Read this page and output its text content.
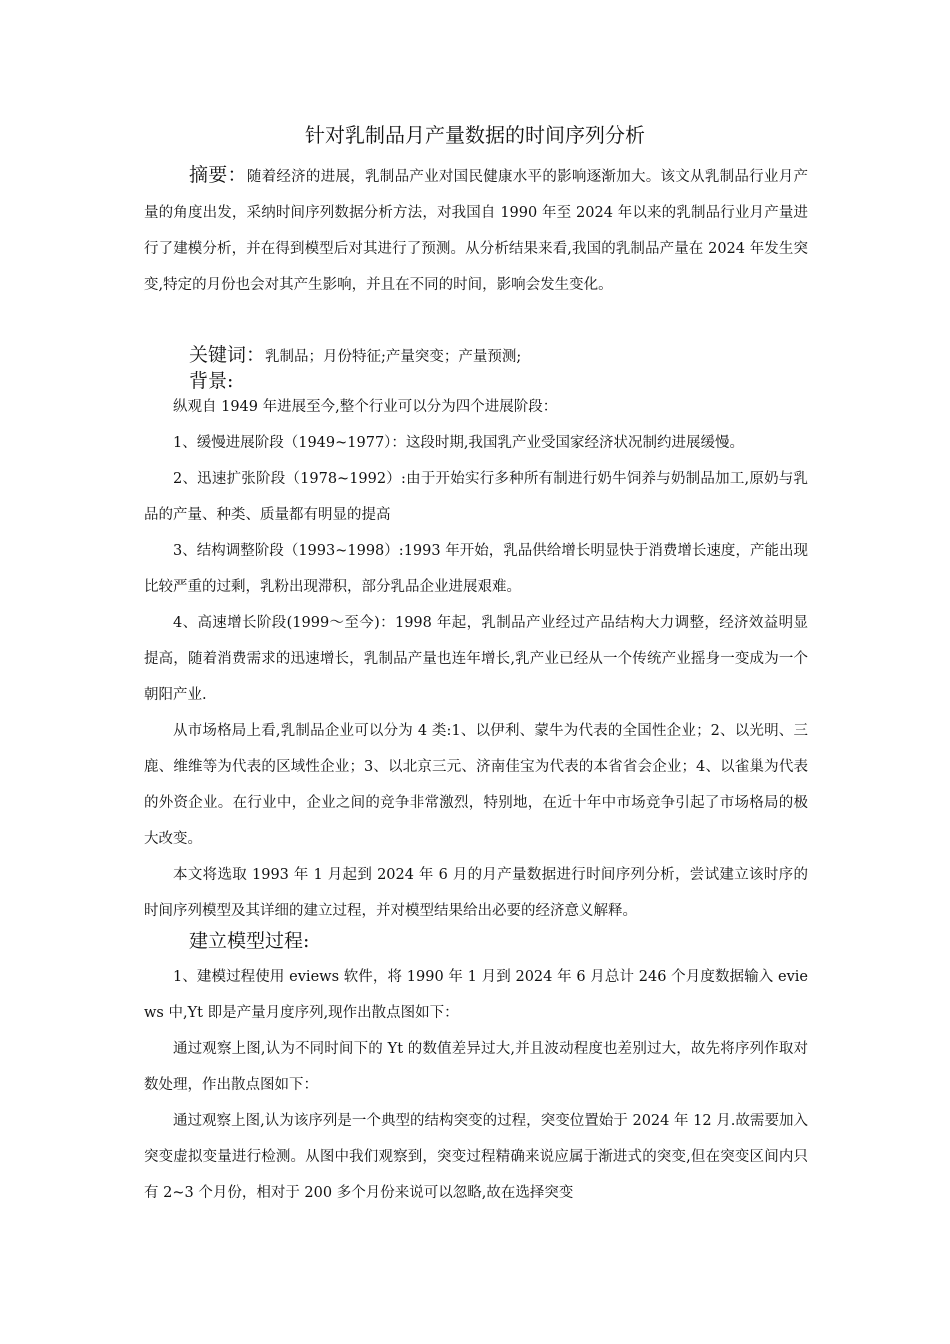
针对乳制品月产量数据的时间序列分析

摘要：随着经济的进展，乳制品产业对国民健康水平的影响逐渐加大。该文从乳制品行业月产量的角度出发，采纳时间序列数据分析方法，对我国自 1990 年至 2024 年以来的乳制品行业月产量进行了建模分析，并在得到模型后对其进行了预测。从分析结果来看,我国的乳制品产量在 2024 年发生突变,特定的月份也会对其产生影响，并且在不同的时间，影响会发生变化。

关键词：乳制品；月份特征;产量突变；产量预测;
背景:

纵观自 1949 年进展至今,整个行业可以分为四个进展阶段：

1、缓慢进展阶段（1949~1977）：这段时期,我国乳产业受国家经济状况制约进展缓慢。

2、迅速扩张阶段（1978~1992）:由于开始实行多种所有制进行奶牛饲养与奶制品加工,原奶与乳品的产量、种类、质量都有明显的提高

3、结构调整阶段（1993~1998）:1993 年开始，乳品供给增长明显快于消费增长速度，产能出现比较严重的过剩，乳粉出现滞积，部分乳品企业进展艰难。

4、高速增长阶段(1999～至今)：1998 年起，乳制品产业经过产品结构大力调整，经济效益明显提高，随着消费需求的迅速增长，乳制品产量也连年增长,乳产业已经从一个传统产业摇身一变成为一个朝阳产业.

从市场格局上看,乳制品企业可以分为 4 类:1、以伊利、蒙牛为代表的全国性企业；2、以光明、三鹿、维维等为代表的区域性企业；3、以北京三元、济南佳宝为代表的本省省会企业；4、以雀巢为代表的外资企业。在行业中，企业之间的竞争非常激烈，特别地，在近十年中市场竞争引起了市场格局的极大改变。

本文将选取 1993 年 1 月起到 2024 年 6 月的月产量数据进行时间序列分析，尝试建立该时序的时间序列模型及其详细的建立过程，并对模型结果给出必要的经济意义解释。

建立模型过程:

1、建模过程使用 eviews 软件，将 1990 年 1 月到 2024 年 6 月总计 246 个月度数据输入 eviews 中,Yt 即是产量月度序列,现作出散点图如下：

通过观察上图,认为不同时间下的 Yt 的数值差异过大,并且波动程度也差别过大，故先将序列作取对数处理，作出散点图如下：

通过观察上图,认为该序列是一个典型的结构突变的过程，突变位置始于 2024 年 12 月.故需要加入突变虚拟变量进行检测。从图中我们观察到，突变过程精确来说应属于渐进式的突变,但在突变区间内只有 2~3 个月份，相对于 200 多个月份来说可以忽略,故在选择突变
